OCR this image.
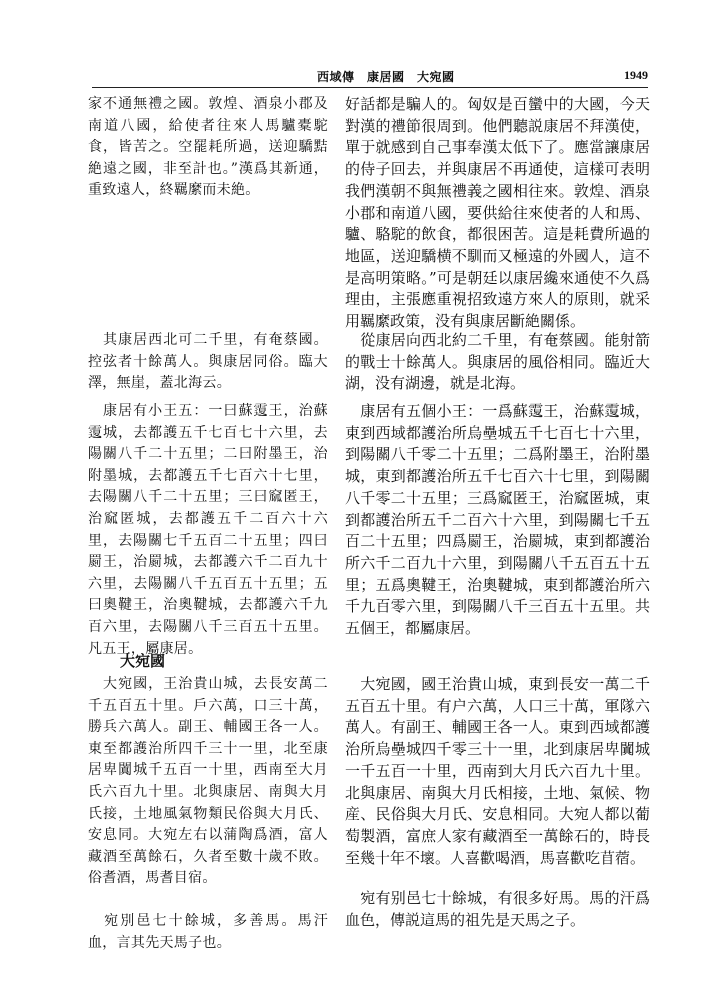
西域傳　康居國　大宛國	1949

家不通無禮之國。敦煌、酒泉小郡及南道八國，給使者往來人馬驢橐駝食，皆苦之。空罷耗所過，送迎驕黠絶遠之國，非至計也。”漢爲其新通，重致遠人，終羈縻而未絶。

　其康居西北可二千里，有奄蔡國。控弦者十餘萬人。與康居同俗。臨大澤，無崖，蓋北海云。

　康居有小王五：一曰蘇𩅆王，治蘇𩅆城，去都護五千七百七十六里，去陽關八千二十五里；二曰附墨王，治附墨城，去都護五千七百六十七里，去陽關八千二十五里；三曰窳匿王，治窳匿城，去都護五千二百六十六里，去陽關七千五百二十五里；四曰罽王，治罽城，去都護六千二百九十六里，去陽關八千五百五十五里；五曰奧鞬王，治奧鞬城，去都護六千九百六里，去陽關八千三百五十五里。凡五王，屬康居。

大宛國

　大宛國，王治貴山城，去長安萬二千五百五十里。戶六萬，口三十萬，勝兵六萬人。副王、輔國王各一人。東至都護治所四千三十一里，北至康居卑闐城千五百一十里，西南至大月氏六百九十里。北與康居、南與大月氏接，土地風氣物類民俗與大月氏、安息同。大宛左右以蒲陶爲酒，富人藏酒至萬餘石，久者至數十歲不敗。俗耆酒，馬耆目宿。

　宛別邑七十餘城，多善馬。馬汗血，言其先天馬子也。

好話都是騙人的。匈奴是百蠻中的大國，今天對漢的禮節很周到。他們聽説康居不拜漢使，單于就感到自己事奉漢太低下了。應當讓康居的侍子回去，并與康居不再通使，這樣可表明我們漢朝不與無禮義之國相往來。敦煌、酒泉小郡和南道八國，要供給往來使者的人和馬、驢、駱駝的飲食，都很困苦。這是耗費所過的地區，送迎驕横不馴而又極遠的外國人，這不是高明策略。”可是朝廷以康居纔來通使不久爲理由，主張應重視招致遠方來人的原則，就采用羈縻政策，没有與康居斷絶關係。

　從康居向西北約二千里，有奄蔡國。能射箭的戰士十餘萬人。與康居的風俗相同。臨近大湖，没有湖邊，就是北海。

　康居有五個小王：一爲蘇𩅆王，治蘇𩅆城，東到西域都護治所烏壘城五千七百七十六里，到陽關八千零二十五里；二爲附墨王，治附墨城，東到都護治所五千七百六十七里，到陽關八千零二十五里；三爲窳匿王，治窳匿城，東到都護治所五千二百六十六里，到陽關七千五百二十五里；四爲罽王，治罽城，東到都護治所六千二百九十六里，到陽關八千五百五十五里；五爲奧鞬王，治奧鞬城，東到都護治所六千九百零六里，到陽關八千三百五十五里。共五個王，都屬康居。

　大宛國，國王治貴山城，東到長安一萬二千五百五十里。有户六萬，人口三十萬，軍隊六萬人。有副王、輔國王各一人。東到西域都護治所烏壘城四千零三十一里，北到康居卑闐城一千五百一十里，西南到大月氏六百九十里。北與康居、南與大月氏相接，土地、氣候、物産、民俗與大月氏、安息相同。大宛人都以葡萄製酒，富庶人家有藏酒至一萬餘石的，時長至幾十年不壞。人喜歡喝酒，馬喜歡吃苜蓿。

　宛有别邑七十餘城，有很多好馬。馬的汗爲血色，傳説這馬的祖先是天馬之子。
